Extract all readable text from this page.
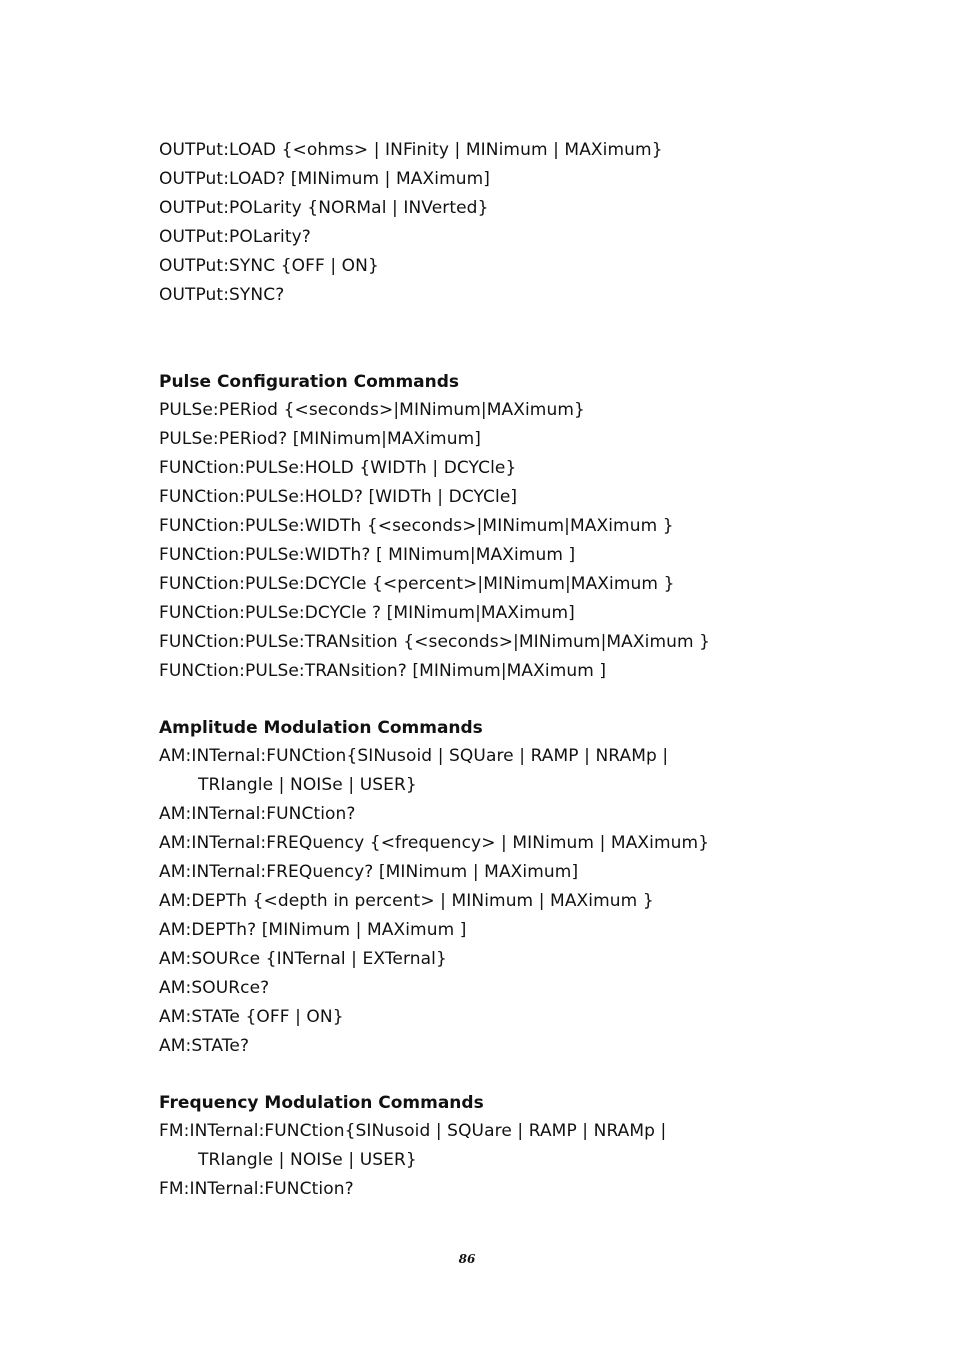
OUTPut:LOAD {<ohms> | INFinity | MINimum | MAXimum}
OUTPut:LOAD? [MINimum | MAXimum]
OUTPut:POLarity {NORMal | INVerted}
OUTPut:POLarity?
OUTPut:SYNC {OFF | ON}
OUTPut:SYNC?
Pulse Configuration Commands
PULSe:PERiod {<seconds>|MINimum|MAXimum}
PULSe:PERiod? [MINimum|MAXimum]
FUNCtion:PULSe:HOLD {WIDTh | DCYCle}
FUNCtion:PULSe:HOLD? [WIDTh | DCYCle]
FUNCtion:PULSe:WIDTh {<seconds>|MINimum|MAXimum }
FUNCtion:PULSe:WIDTh? [ MINimum|MAXimum ]
FUNCtion:PULSe:DCYCle {<percent>|MINimum|MAXimum }
FUNCtion:PULSe:DCYCle ? [MINimum|MAXimum]
FUNCtion:PULSe:TRANsition {<seconds>|MINimum|MAXimum }
FUNCtion:PULSe:TRANsition? [MINimum|MAXimum ]
Amplitude Modulation Commands
AM:INTernal:FUNCtion{SINusoid | SQUare | RAMP | NRAMp |
TRIangle | NOISe | USER}
AM:INTernal:FUNCtion?
AM:INTernal:FREQuency {<frequency> | MINimum | MAXimum}
AM:INTernal:FREQuency? [MINimum | MAXimum]
AM:DEPTh {<depth in percent> | MINimum | MAXimum }
AM:DEPTh? [MINimum | MAXimum ]
AM:SOURce {INTernal | EXTernal}
AM:SOURce?
AM:STATe {OFF | ON}
AM:STATe?
Frequency Modulation Commands
FM:INTernal:FUNCtion{SINusoid | SQUare | RAMP | NRAMp |
TRIangle | NOISe | USER}
FM:INTernal:FUNCtion?
86
